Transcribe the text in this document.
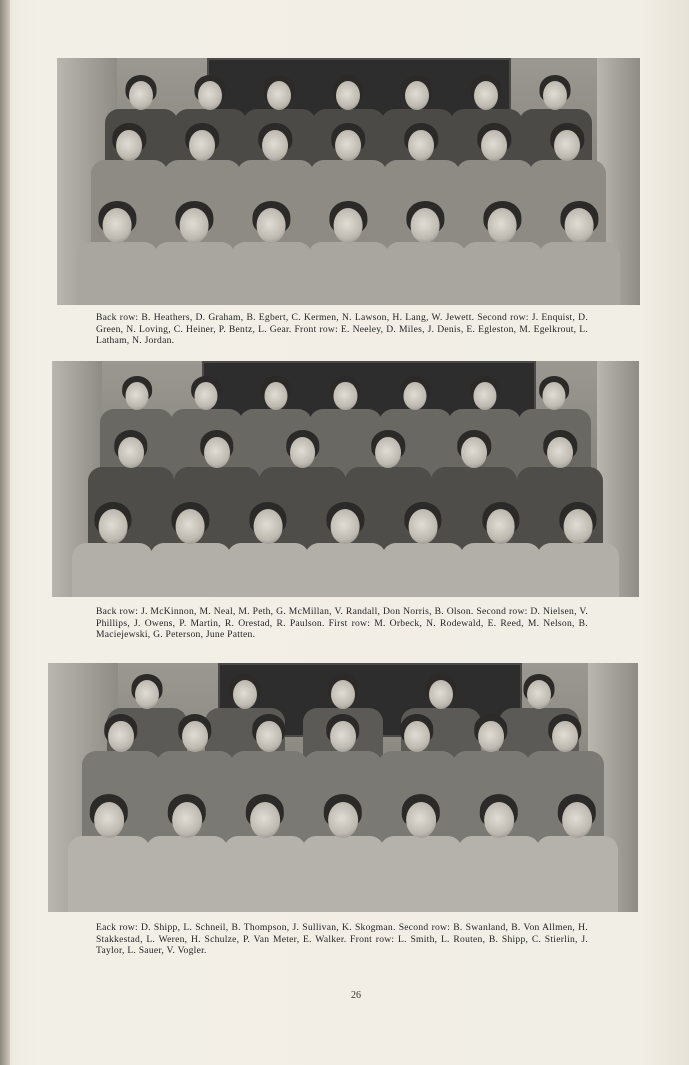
Back row: B. Heathers, D. Graham, B. Egbert, C. Kermen, N. Lawson, H. Lang, W. Jewett. Second row: J. Enquist, D. Green, N. Loving, C. Heiner, P. Bentz, L. Gear. Front row: E. Neeley, D. Miles, J. Denis, E. Egleston, M. Egelkrout, L. Latham, N. Jordan.
Back row: J. McKinnon, M. Neal, M. Peth, G. McMillan, V. Randall, Don Norris, B. Olson. Second row: D. Nielsen, V. Phillips, J. Owens, P. Martin, R. Orestad, R. Paulson. First row: M. Orbeck, N. Rodewald, E. Reed, M. Nelson, B. Maciejewski, G. Peterson, June Patten.
Eack row: D. Shipp, L. Schneil, B. Thompson, J. Sullivan, K. Skogman. Second row: B. Swanland, B. Von Allmen, H. Stakkestad, L. Weren, H. Schulze, P. Van Meter, E. Walker. Front row: L. Smith, L. Routen, B. Shipp, C. Stierlin, J. Taylor, L. Sauer, V. Vogler.
26
